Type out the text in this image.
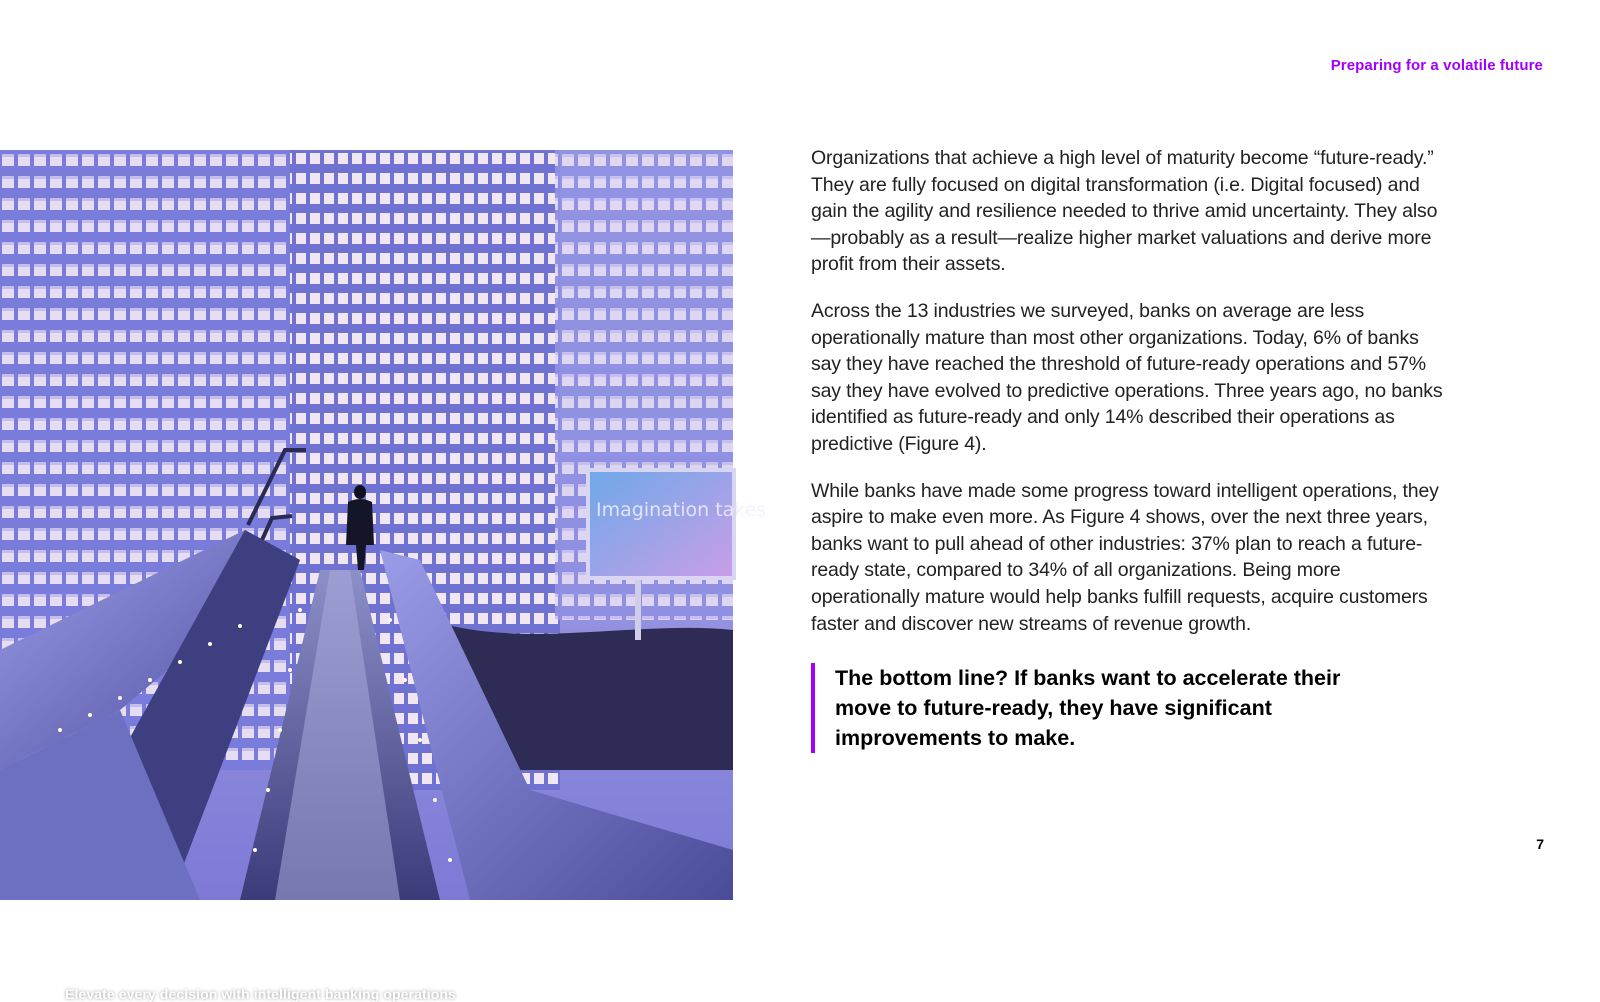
Preparing for a volatile future
Imagination takes
Elevate every decision with intelligent banking operations

Organizations that achieve a high level of maturity become “future-ready.” They are fully focused on digital transformation (i.e. Digital focused) and gain the agility and resilience needed to thrive amid uncertainty. They also—probably as a result—realize higher market valuations and derive more profit from their assets.

Across the 13 industries we surveyed, banks on average are less operationally mature than most other organizations. Today, 6% of banks say they have reached the threshold of future-ready operations and 57% say they have evolved to predictive operations. Three years ago, no banks identified as future-ready and only 14% described their operations as predictive (Figure 4).

While banks have made some progress toward intelligent operations, they aspire to make even more. As Figure 4 shows, over the next three years, banks want to pull ahead of other industries: 37% plan to reach a future-ready state, compared to 34% of all organizations. Being more operationally mature would help banks fulfill requests, acquire customers faster and discover new streams of revenue growth.

The bottom line? If banks want to accelerate their move to future-ready, they have significant improvements to make.
7
